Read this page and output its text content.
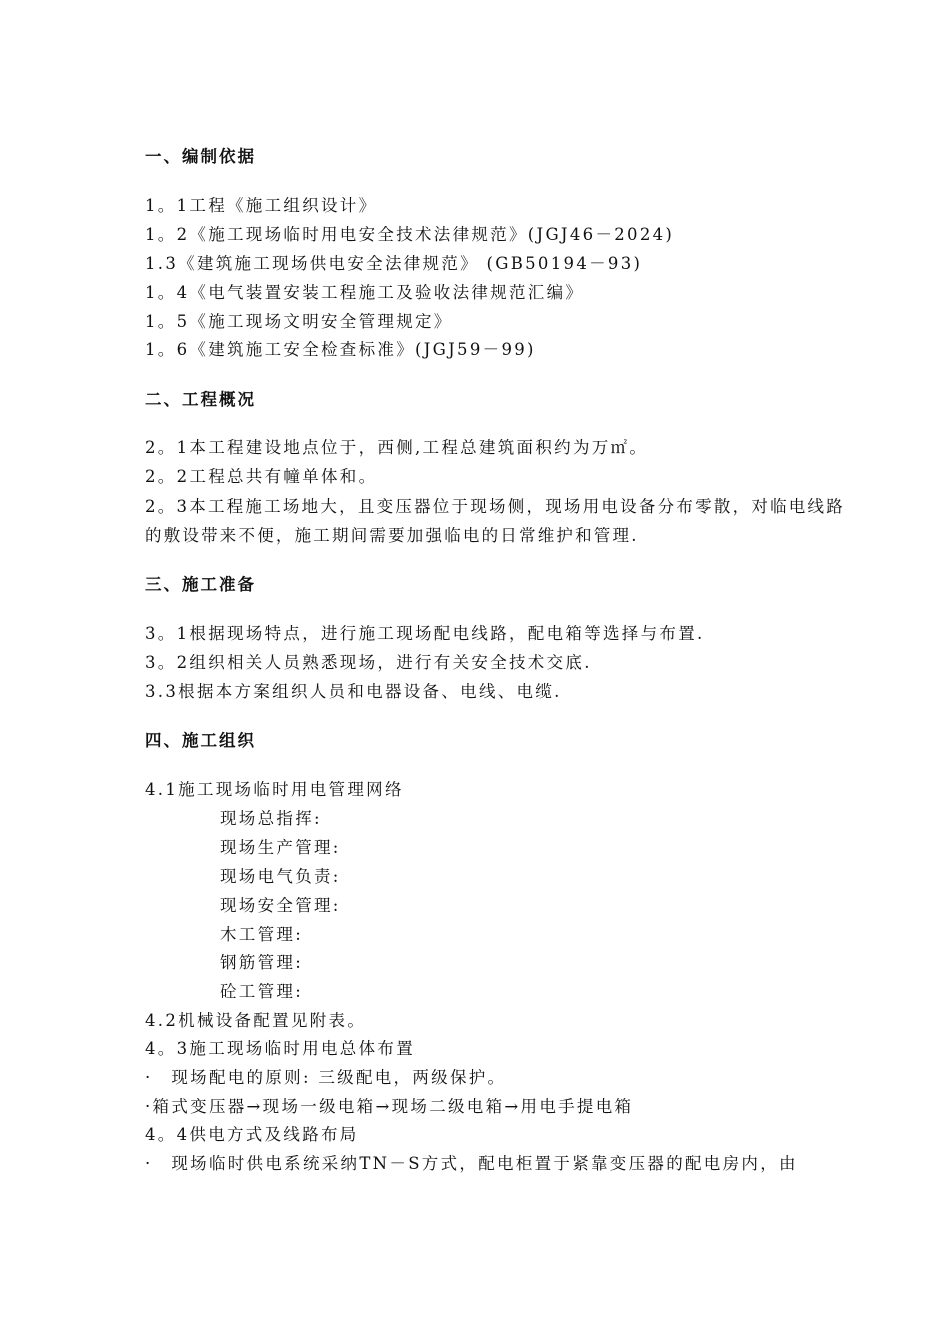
一、编制依据
1。1工程《施工组织设计》
1。2《施工现场临时用电安全技术法律规范》(JGJ46－2024)
1.3《建筑施工现场供电安全法律规范》 (GB50194－93)
1。4《电气装置安装工程施工及验收法律规范汇编》
1。5《施工现场文明安全管理规定》
1。6《建筑施工安全检查标准》(JGJ59－99)
二、工程概况
2。1本工程建设地点位于，西侧,工程总建筑面积约为万㎡。
2。2工程总共有幢单体和。
2。3本工程施工场地大，且变压器位于现场侧，现场用电设备分布零散，对临电线路的敷设带来不便，施工期间需要加强临电的日常维护和管理.
三、施工准备
3。1根据现场特点，进行施工现场配电线路，配电箱等选择与布置.
3。2组织相关人员熟悉现场，进行有关安全技术交底.
3.3根据本方案组织人员和电器设备、电线、电缆.
四、施工组织
4.1施工现场临时用电管理网络
现场总指挥:
现场生产管理:
现场电气负责:
现场安全管理:
木工管理:
钢筋管理:
砼工管理:
4.2机械设备配置见附表。
4。3施工现场临时用电总体布置
·　现场配电的原则: 三级配电，两级保护。
·箱式变压器→现场一级电箱→现场二级电箱→用电手提电箱
4。4供电方式及线路布局
·　现场临时供电系统采纳TN－S方式，配电柜置于紧靠变压器的配电房内，由
